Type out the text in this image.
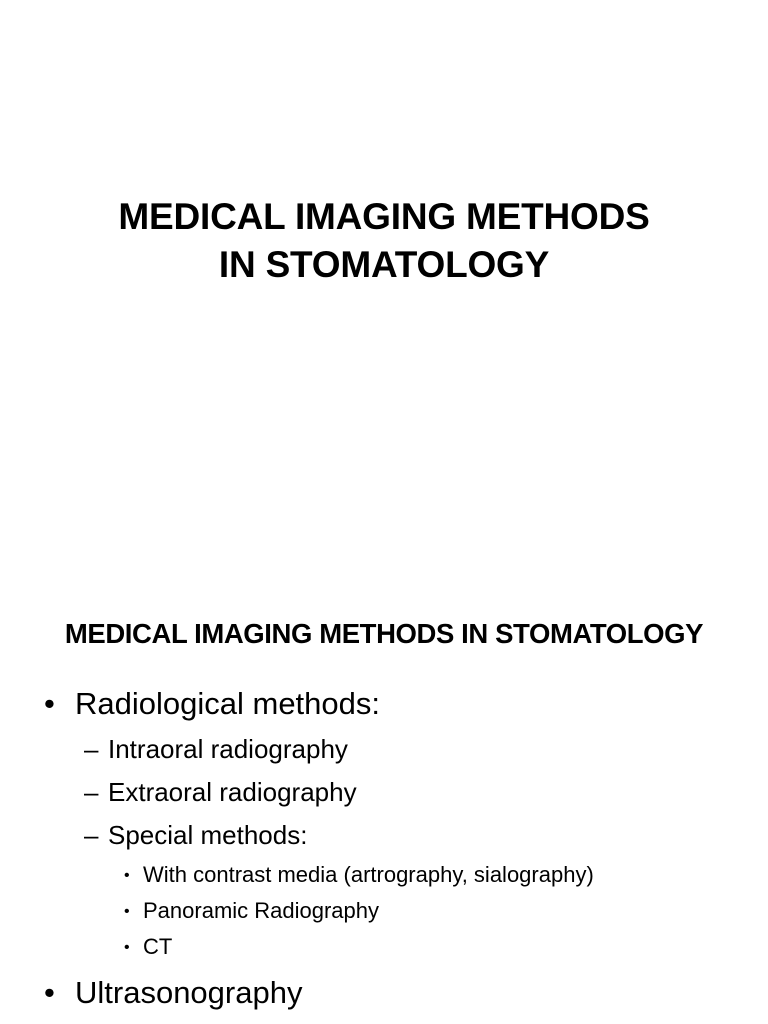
MEDICAL IMAGING METHODS
IN STOMATOLOGY
MEDICAL IMAGING METHODS IN STOMATOLOGY
• Radiological methods:
– Intraoral radiography
– Extraoral radiography
– Special methods:
• With contrast media (artrography, sialography)
• Panoramic Radiography
• CT
• Ultrasonography
